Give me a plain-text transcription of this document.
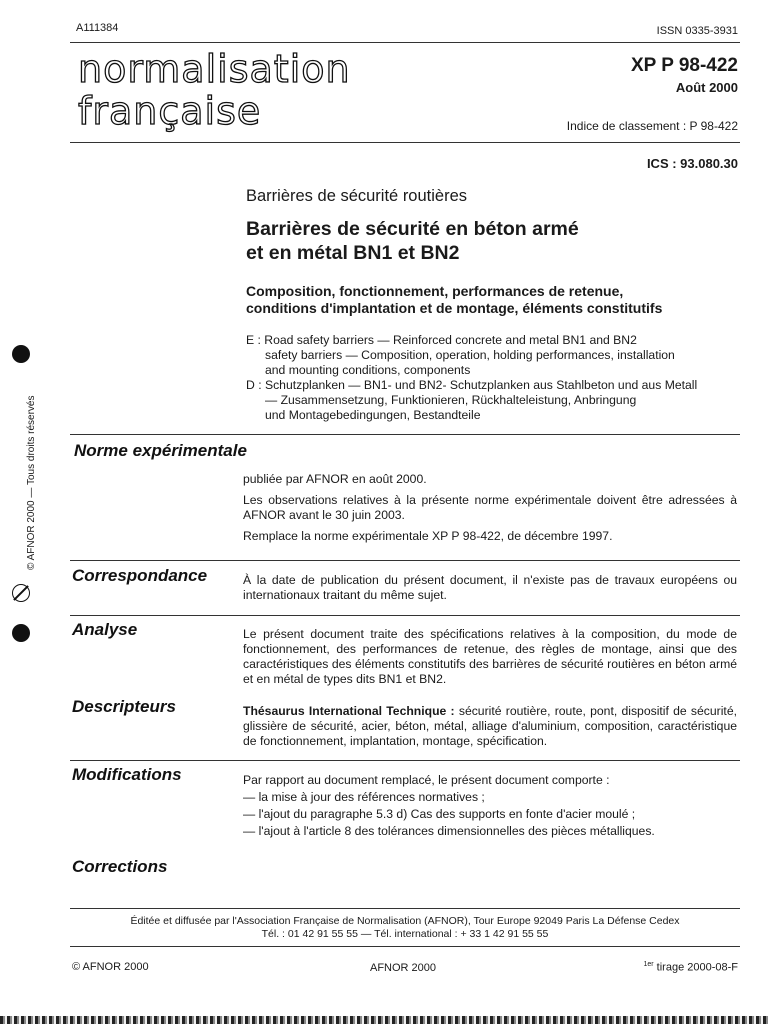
A111384	ISSN 0335-3931
normalisation
française
XP P 98-422
Août 2000
Indice de classement : P 98-422
ICS : 93.080.30
Barrières de sécurité routières
Barrières de sécurité en béton armé
et en métal BN1 et BN2
Composition, fonctionnement, performances de retenue,
conditions d'implantation et de montage, éléments constitutifs
E : Road safety barriers — Reinforced concrete and metal BN1 and BN2
safety barriers — Composition, operation, holding performances, installation
and mounting conditions, components
D : Schutzplanken — BN1- und BN2- Schutzplanken aus Stahlbeton und aus Metall
— Zusammensetzung, Funktionieren, Rückhalteleistung, Anbringung
und Montagebedingungen, Bestandteile
Norme expérimentale
publiée par AFNOR en août 2000.
Les observations relatives à la présente norme expérimentale doivent être adressées à AFNOR avant le 30 juin 2003.
Remplace la norme expérimentale XP P 98-422, de décembre 1997.
Correspondance	À la date de publication du présent document, il n'existe pas de travaux européens ou internationaux traitant du même sujet.
Analyse	Le présent document traite des spécifications relatives à la composition, du mode de fonctionnement, des performances de retenue, des règles de montage, ainsi que des caractéristiques des éléments constitutifs des barrières de sécurité routières en béton armé et en métal de types dits BN1 et BN2.
Descripteurs	Thésaurus International Technique : sécurité routière, route, pont, dispositif de sécurité, glissière de sécurité, acier, béton, métal, alliage d'aluminium, composition, caractéristique de fonctionnement, implantation, montage, spécification.
Modifications	Par rapport au document remplacé, le présent document comporte :
— la mise à jour des références normatives ;
— l'ajout du paragraphe 5.3 d) Cas des supports en fonte d'acier moulé ;
— l'ajout à l'article 8 des tolérances dimensionnelles des pièces métalliques.
Corrections
Éditée et diffusée par l'Association Française de Normalisation (AFNOR), Tour Europe 92049 Paris La Défense Cedex
Tél. : 01 42 91 55 55 — Tél. international : + 33 1 42 91 55 55
© AFNOR 2000	AFNOR 2000	$^{1er}$ tirage 2000-08-F
© AFNOR 2000 — Tous droits réservés
